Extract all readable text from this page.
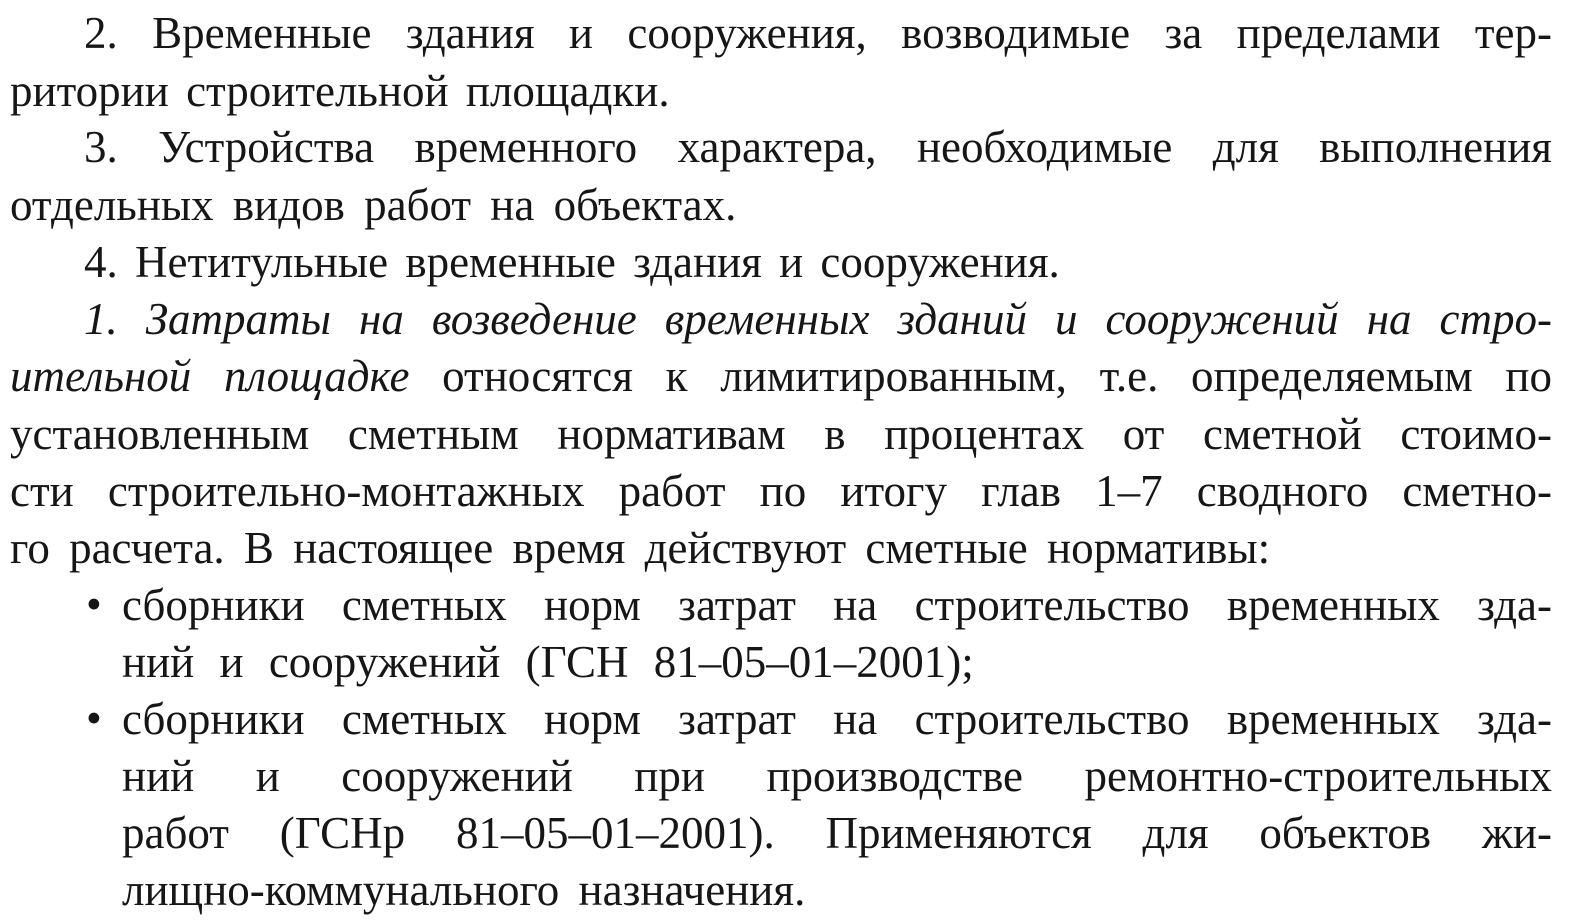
2. Временные здания и сооружения, возводимые за пределами тер-
ритории строительной площадки.
3. Устройства временного характера, необходимые для выполнения
отдельных видов работ на объектах.
4. Нетитульные временные здания и сооружения.
1. Затраты на возведение временных зданий и сооружений на стро-
ительной площадке относятся к лимитированным, т.е. определяемым по
установленным сметным нормативам в процентах от сметной стоимо-
сти строительно-монтажных работ по итогу глав 1–7 сводного сметно-
го расчета. В настоящее время действуют сметные нормативы:
• сборники сметных норм затрат на строительство временных зда-
ний и сооружений (ГСН 81–05–01–2001);
• сборники сметных норм затрат на строительство временных зда-
ний и сооружений при производстве ремонтно-строительных
работ (ГСНр 81–05–01–2001). Применяются для объектов жи-
лищно-коммунального назначения.
